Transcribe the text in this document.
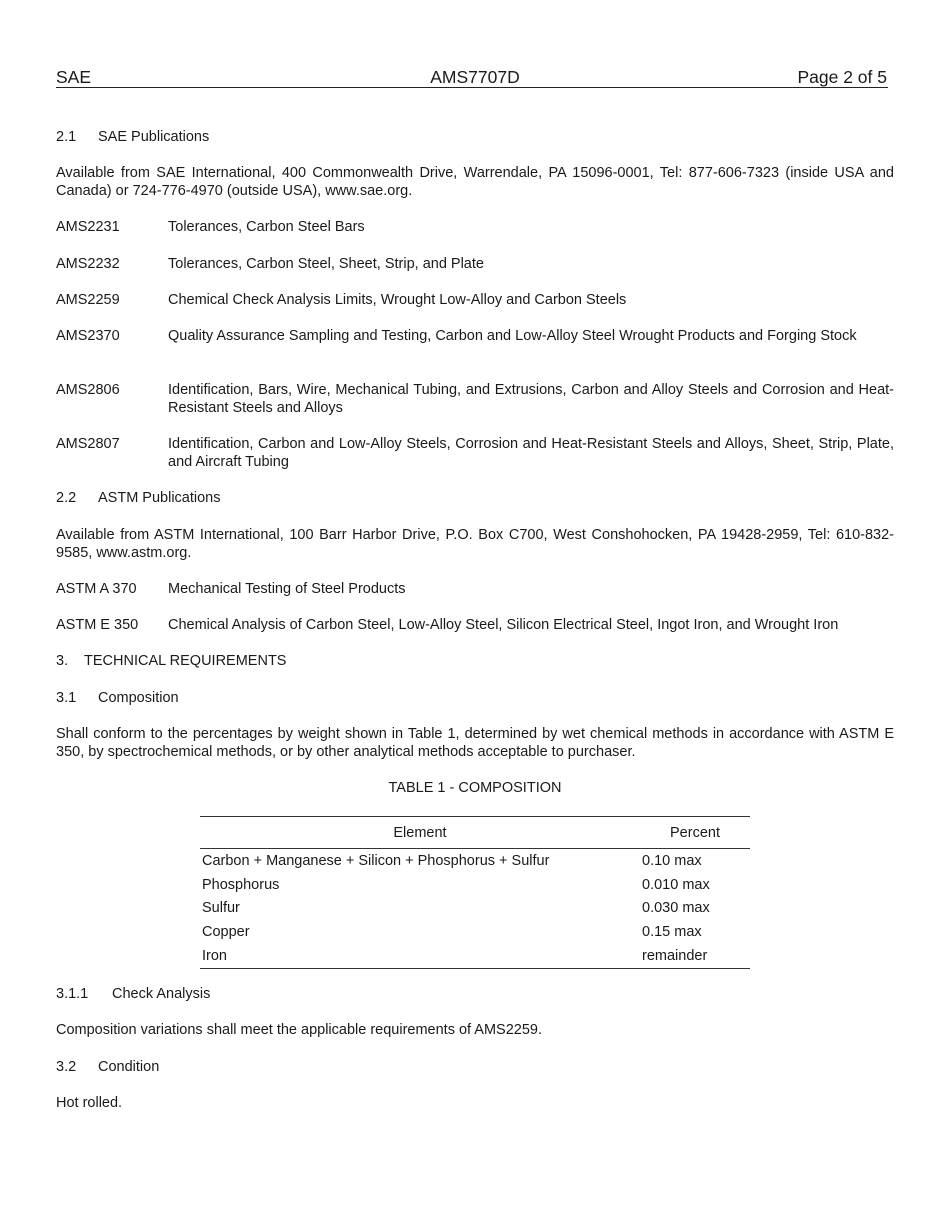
SAE	AMS7707D	Page 2 of 5
2.1 SAE Publications
Available from SAE International, 400 Commonwealth Drive, Warrendale, PA 15096-0001, Tel: 877-606-7323 (inside USA and Canada) or 724-776-4970 (outside USA), www.sae.org.
AMS2231	Tolerances, Carbon Steel Bars
AMS2232	Tolerances, Carbon Steel, Sheet, Strip, and Plate
AMS2259	Chemical Check Analysis Limits, Wrought Low-Alloy and Carbon Steels
AMS2370	Quality Assurance Sampling and Testing, Carbon and Low-Alloy Steel Wrought Products and Forging Stock
AMS2806	Identification, Bars, Wire, Mechanical Tubing, and Extrusions, Carbon and Alloy Steels and Corrosion and Heat-Resistant Steels and Alloys
AMS2807	Identification, Carbon and Low-Alloy Steels, Corrosion and Heat-Resistant Steels and Alloys, Sheet, Strip, Plate, and Aircraft Tubing
2.2 ASTM Publications
Available from ASTM International, 100 Barr Harbor Drive, P.O. Box C700, West Conshohocken, PA 19428-2959, Tel: 610-832-9585, www.astm.org.
ASTM A 370 Mechanical Testing of Steel Products
ASTM E 350 Chemical Analysis of Carbon Steel, Low-Alloy Steel, Silicon Electrical Steel, Ingot Iron, and Wrought Iron
3. TECHNICAL REQUIREMENTS
3.1 Composition
Shall conform to the percentages by weight shown in Table 1, determined by wet chemical methods in accordance with ASTM E 350, by spectrochemical methods, or by other analytical methods acceptable to purchaser.
TABLE 1 - COMPOSITION
Element	Percent
Carbon + Manganese + Silicon + Phosphorus + Sulfur	0.10 max
Phosphorus	0.010 max
Sulfur	0.030 max
Copper	0.15 max
Iron	remainder
3.1.1 Check Analysis
Composition variations shall meet the applicable requirements of AMS2259.
3.2 Condition
Hot rolled.
